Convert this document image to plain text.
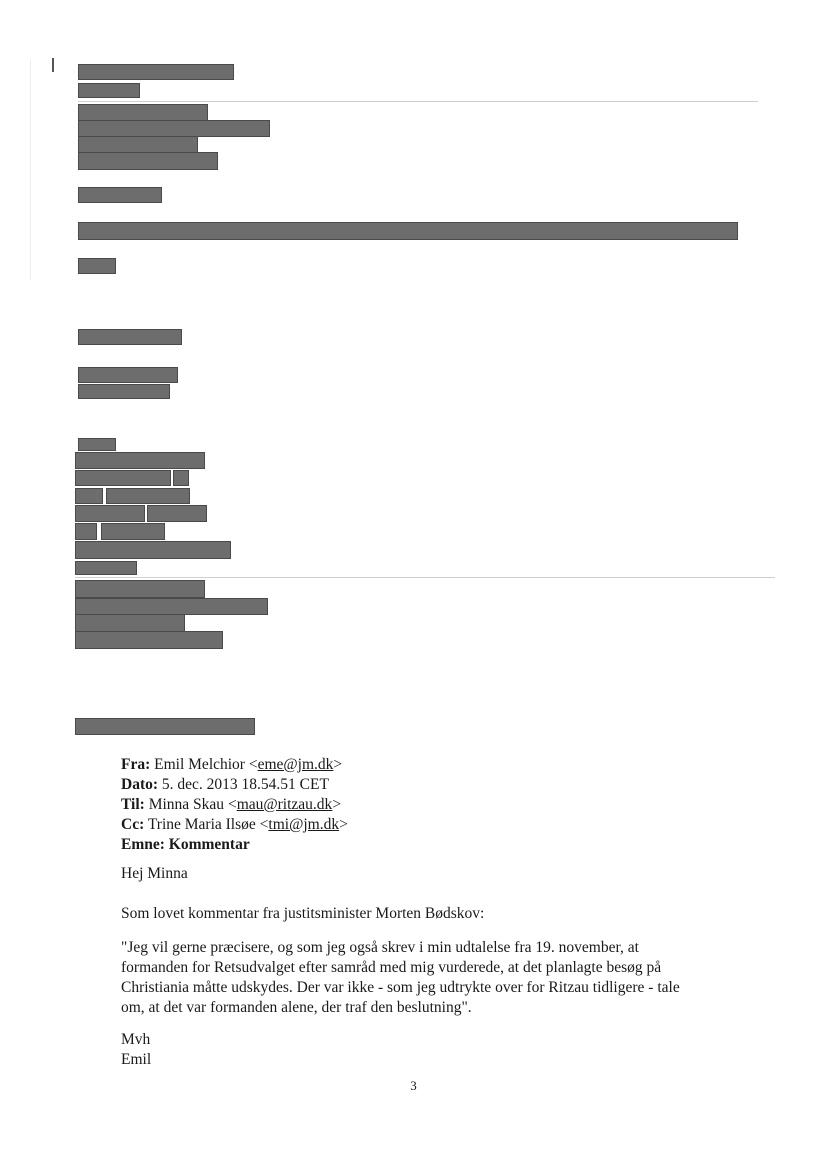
Fra: Emil Melchior <eme@jm.dk>
Dato: 5. dec. 2013 18.54.51 CET
Til: Minna Skau <mau@ritzau.dk>
Cc: Trine Maria Ilsøe <tmi@jm.dk>
Emne: Kommentar
Hej Minna
Som lovet kommentar fra justitsminister Morten Bødskov:
"Jeg vil gerne præcisere, og som jeg også skrev i min udtalelse fra 19. november, at
formanden for Retsudvalget efter samråd med mig vurderede, at det planlagte besøg på
Christiania måtte udskydes. Der var ikke - som jeg udtrykte over for Ritzau tidligere - tale
om, at det var formanden alene, der traf den beslutning".
Mvh
Emil
3
